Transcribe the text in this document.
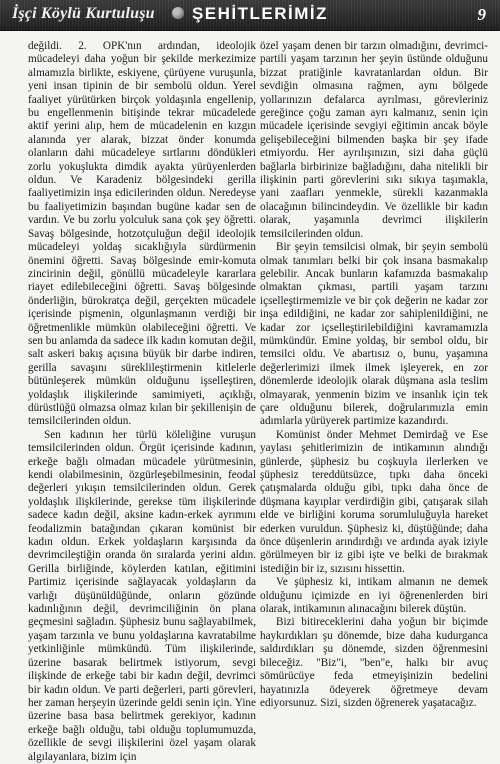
İşçi Köylü Kurtuluşu	ŞEHİTLERİMİZ	9

değildi. 2. OPK'nın ardından, ideolojik mücadeleyi daha yoğun bir şekilde merkezimize almamızla birlikte, eskiyene, çürüyene vuruşunla, yeni insan tipinin de bir sembolü oldun. Yerel faaliyet yürütürken birçok yoldaşınla engellenip, bu engellenmenin bitişinde tekrar mücadelede aktif yerini alıp, hem de mücadelenin en kızgın alanında yer alarak, bizzat önder konumda olanların dahi mücadeleye sırtlarını döndükleri zorlu yokuşlukta dimdik ayakta yürüyenlerden oldun. Ve Karadeniz bölgesindeki gerilla faaliyetimizin inşa edicilerinden oldun. Neredeyse bu faaliyetimizin başından bugüne kadar sen de vardın. Ve bu zorlu yolculuk sana çok şey öğretti. Savaş bölgesinde, hotzotçuluğun değil ideolojik mücadeleyi yoldaş sıcaklığıyla sürdürmenin önemini öğretti. Savaş bölgesinde emir-komuta zincirinin değil, gönüllü mücadeleyle kararlara riayet edilebileceğini öğretti. Savaş bölgesinde önderliğin, bürokratça değil, gerçekten mücadele içerisinde pişmenin, olgunlaşmanın verdiği bir öğretmenlikle mümkün olabileceğini öğretti. Ve sen bu anlamda da sadece ilk kadın komutan değil, salt askeri bakış açısına büyük bir darbe indiren, gerilla savaşını süreklileştirmenin kitlelerle bütünleşerek mümkün olduğunu işselleştiren, yoldaşlık ilişkilerinde samimiyeti, açıklığı, dürüstlüğü olmazsa olmaz kılan bir şekillenişin de temsilcilerinden oldun.

Sen kadının her türlü köleliğine vuruşun temsilcilerinden oldun. Örgüt içerisinde kadının, erkeğe bağlı olmadan mücadele yürütmesinin, kendi olabilmesinin, özgürleşebilmesinin, feodal değerleri yıkışın temsilcilerinden oldun. Gerek yoldaşlık ilişkilerinde, gerekse tüm ilişkilerinde sadece kadın değil, aksine kadın-erkek ayrımını feodalizmin batağından çıkaran komünist bir kadın oldun. Erkek yoldaşların karşısında da devrimcileştiğin oranda ön sıralarda yerini aldın. Gerilla birliğinde, köylerden katılan, eğitimini Partimiz içerisinde sağlayacak yoldaşların da varlığı düşünüldüğünde, onların gözünde kadınlığının değil, devrimciliğinin ön plana geçmesini sağladın. Şüphesiz bunu sağlayabilmek, yaşam tarzınla ve bunu yoldaşlarına kavratabilme yetkinliğinle mümkündü. Tüm ilişkilerinde, üzerine basarak belirtmek istiyorum, sevgi ilişkinde de erkeğe tabi bir kadın değil, devrimci bir kadın oldun. Ve parti değerleri, parti görevleri, her zaman herşeyin üzerinde geldi senin için. Yine üzerine basa basa belirtmek gerekiyor, kadının erkeğe bağlı olduğu, tabi olduğu toplumumuzda, özellikle de sevgi ilişkilerini özel yaşam olarak algılayanlara, bizim için

özel yaşam denen bir tarzın olmadığını, devrimci-partili yaşam tarzının her şeyin üstünde olduğunu bizzat pratiğinle kavratanlardan oldun. Bir sevdiğin olmasına rağmen, aynı bölgede yollarınızın defalarca ayrılması, görevleriniz gereğince çoğu zaman ayrı kalmanız, senin için mücadele içerisinde sevgiyi eğitimin ancak böyle gelişebileceğini bilmenden başka bir şey ifade etmiyordu. Her ayrılışınızın, sizi daha güçlü bağlarla birbirinize bağladığını, daha nitelikli bir ilişkinin parti görevlerini sıkı sıkıya taşımakla, yani zaafları yenmekle, sürekli kazanmakla olacağının bilincindeydin. Ve özellikle bir kadın olarak, yaşamınla devrimci ilişkilerin temsilcilerinden oldun.

Bir şeyin temsilcisi olmak, bir şeyin sembolü olmak tanımları belki bir çok insana basmakalıp gelebilir. Ancak bunların kafamızda basmakalıp olmaktan çıkması, partili yaşam tarzını içselleştirmemizle ve bir çok değerin ne kadar zor inşa edildiğini, ne kadar zor sahiplenildiğini, ne kadar zor içselleştirilebildiğini kavramamızla mümkündür. Emine yoldaş, bir sembol oldu, bir temsilci oldu. Ve abartısız o, bunu, yaşamına değerlerimizi ilmek ilmek işleyerek, en zor dönemlerde ideolojik olarak düşmana asla teslim olmayarak, yenmenin bizim ve insanlık için tek çare olduğunu bilerek, doğrularımızla emin adımlarla yürüyerek partimize kazandırdı.

Komünist önder Mehmet Demirdağ ve Ese yaylası şehitlerimizin de intikamının alındığı günlerde, şüphesiz bu coşkuyla ilerlerken ve şüphesiz tereddütsüzce, tıpkı daha önceki çatışmalarda olduğu gibi, tıpkı daha önce de düşmana kayıplar verdirdiğin gibi, çatışarak silah elde ve birliğini koruma sorumluluğuyla hareket ederken vuruldun. Şüphesiz ki, düştüğünde; daha önce düşenlerin arındırdığı ve ardında ayak iziyle görülmeyen bir iz gibi işte ve belki de bırakmak istediğin bir iz, sızısını hissettin.

Ve şüphesiz ki, intikam almanın ne demek olduğunu içimizde en iyi öğrenenlerden biri olarak, intikamının alınacağını bilerek düştün.

Bizi bitireceklerini daha yoğun bir biçimde haykırdıkları şu dönemde, bize daha kudurganca saldırdıkları şu dönemde, sizden öğrenmesini bileceğiz. "Biz"i, "ben"e, halkı bir avuç sömürücüye feda etmeyişinizin bedelini hayatınızla ödeyerek öğretmeye devam ediyorsunuz. Sizi, sizden öğrenerek yaşatacağız.
